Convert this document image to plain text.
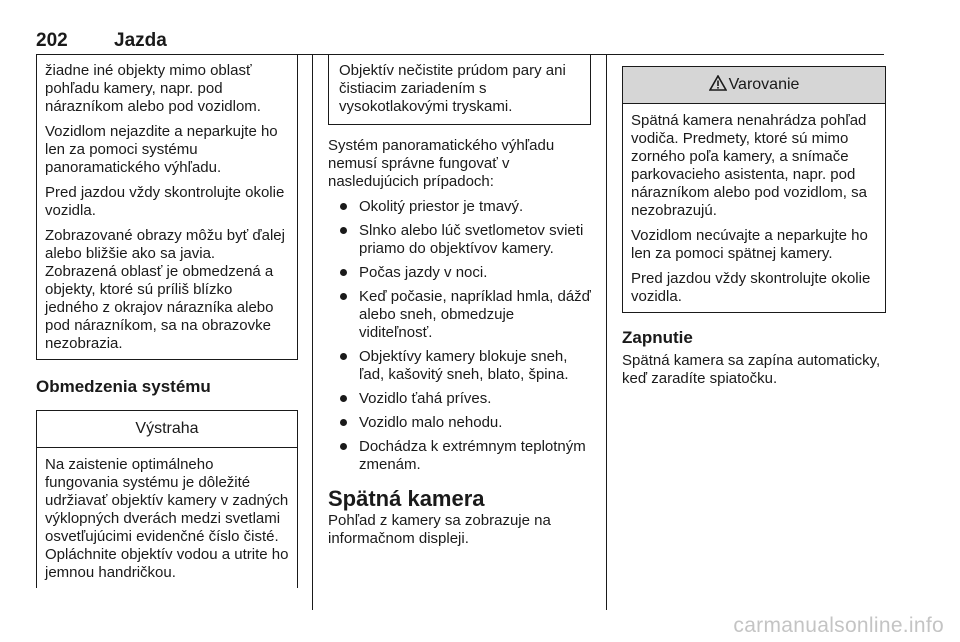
202 Jazda

žiadne iné objekty mimo oblasť pohľadu kamery, napr. pod nárazníkom alebo pod vozidlom.

Vozidlom nejazdite a neparkujte ho len za pomoci systému panoramatického výhľadu.

Pred jazdou vždy skontrolujte okolie vozidla.

Zobrazované obrazy môžu byť ďalej alebo bližšie ako sa javia. Zobrazená oblasť je obmedzená a objekty, ktoré sú príliš blízko jedného z okrajov nárazníka alebo pod nárazníkom, sa na obrazovke nezobrazia.

Obmedzenia systému
Výstraha

Na zaistenie optimálneho fungovania systému je dôležité udržiavať objektív kamery v zadných výklopných dverách medzi svetlami osvetľujúcimi evidenčné číslo čisté. Opláchnite objektív vodou a utrite ho jemnou handričkou.

Objektív nečistite prúdom pary ani čistiacim zariadením s vysokotlakovými tryskami.

Systém panoramatického výhľadu nemusí správne fungovať v nasledujúcich prípadoch:

Okolitý priestor je tmavý.
Slnko alebo lúč svetlometov svieti priamo do objektívov kamery.
Počas jazdy v noci.
Keď počasie, napríklad hmla, dážď alebo sneh, obmedzuje viditeľnosť.
Objektívy kamery blokuje sneh, ľad, kašovitý sneh, blato, špina.
Vozidlo ťahá príves.
Vozidlo malo nehodu.
Dochádza k extrémnym teplotným zmenám.
Spätná kamera

Pohľad z kamery sa zobrazuje na informačnom displeji.

Varovanie

Spätná kamera nenahrádza pohľad vodiča. Predmety, ktoré sú mimo zorného poľa kamery, a snímače parkovacieho asistenta, napr. pod nárazníkom alebo pod vozidlom, sa nezobrazujú.

Vozidlom necúvajte a neparkujte ho len za pomoci spätnej kamery.

Pred jazdou vždy skontrolujte okolie vozidla.

Zapnutie

Spätná kamera sa zapína automaticky, keď zaradíte spiatočku.

carmanualsonline.info
